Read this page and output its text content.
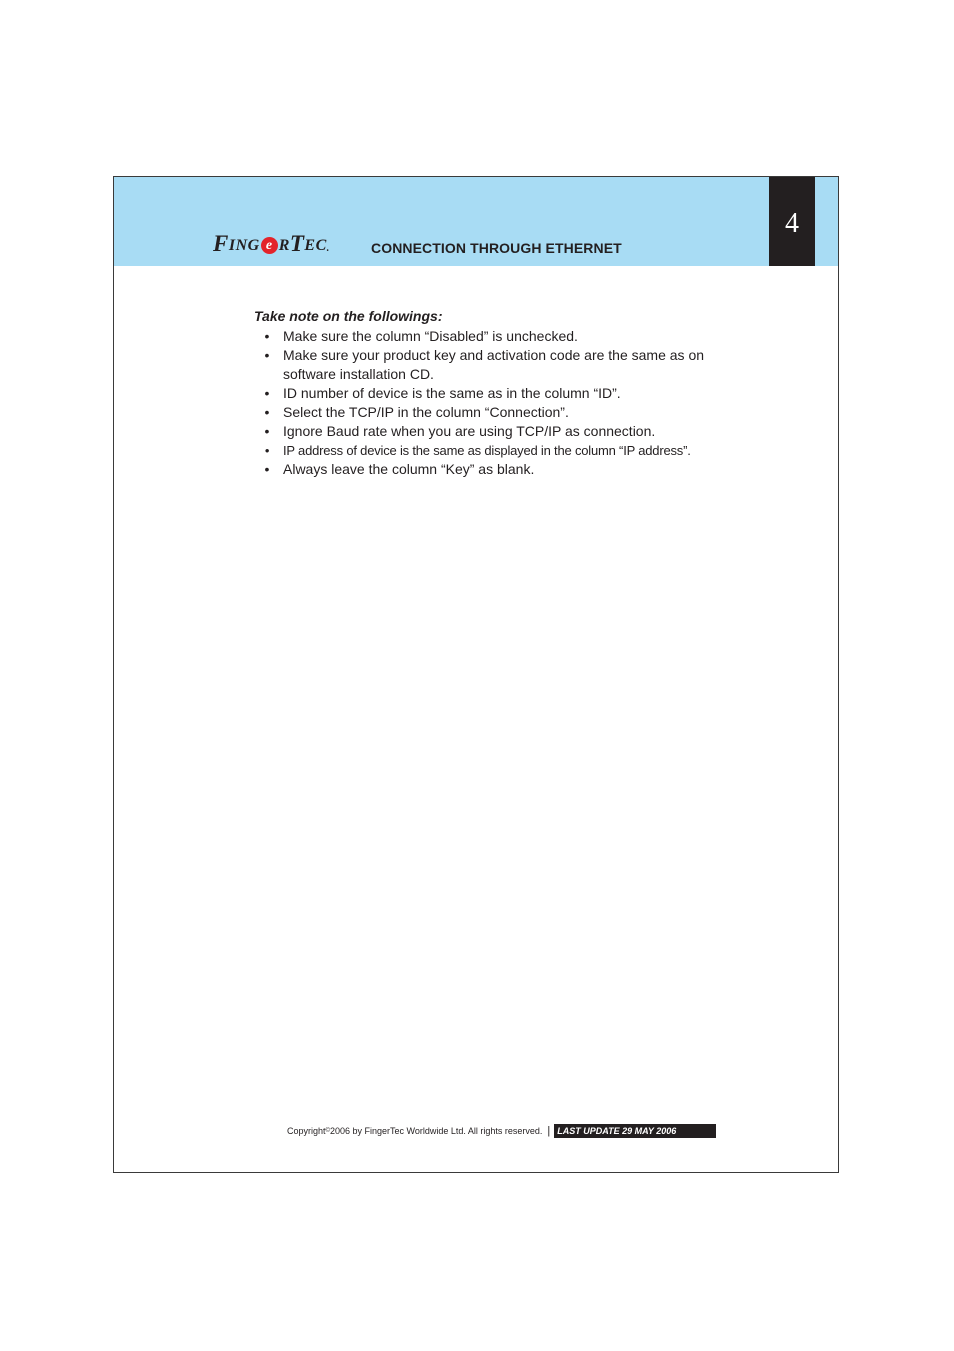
4
F ING e R T EC .	CONNECTION THROUGH ETHERNET
Take note on the followings:
• Make sure the column “Disabled” is unchecked.
• Make sure your product key and activation code are the same as on software installation CD.
• ID number of device is the same as in the column “ID”.
• Select the TCP/IP in the column “Connection”.
• Ignore Baud rate when you are using TCP/IP as connection.
• IP address of device is the same as displayed in the column “IP address”.
• Always leave the column “Key” as blank.
Copyright © 2006 by FingerTec Worldwide Ltd. All rights reserved. | LAST UPDATE 29 MAY 2006
